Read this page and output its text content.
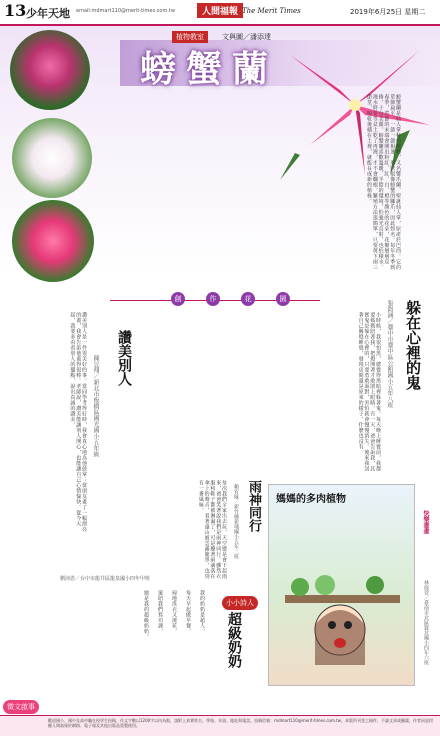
13 少年天地 email:mdmart110@merit-times.com.tw	人間福報 The Merit Times	2019年6月25日 星期二
植物教室	文與圖／潘添達
螃蟹蘭
螃蟹蘭是仙人掌科的植物，又名蟹爪蘭、聖誕仙人掌，原產於巴西。它的莖節扁平，一節一節相連，形狀很像螃蟹的腳爪，因此得名。每年冬季到春季，莖節的末端會開出粉紅、紅、白、橙等顏色的花朵，花瓣層層反捲，十分美麗。螃蟹蘭喜歡溫暖、半陰的環境，怕強光直射，也怕積水。澆水時要等盆土乾了再澆，才不會爛根。繁殖方法很簡單，只要剪下兩三節莖，晾乾後插在土裡，就能長成新的植株。
創	作	花	園
躲在心裡的鬼
張鈞涵／臺中市臺中區公館國小五年八班
小時候，我很怕黑，總覺得黑暗裡躲著鬼。每天晚上睡覺前，我都要媽媽陪著我，把燈開著才敢閉上眼睛。有一天，爸爸告訴我，其實鬼是躲在心裡的，只要勇敢面對，害怕就會慢慢消失。後來我試著自己關燈睡覺，發現房間還是原來的樣子，什麼也沒有。
讚美別人
陳昱翔／新北市板橋區國光國小五年級
讚美別人是一件很美好的事。當同學考得好時，我會真心地為他鼓掌；當朋友畫了一幅漂亮的畫，我會告訴他畫得很棒。老師說，讚美能讓別人開心，也能讓自己心情愉快。從今天起，我要多看看別人的優點，說出真誠的讚美。
雨神同行
賴宥璇／新竹縣新埔國小五年二班
每次我們全家出去玩，天空總是會下起雨來，爸爸笑著說我們是雨神同行。雖然衣服和鞋子都被淋濕了，可是聽著雨滴落在傘上的聲音，看著遠山被雲霧籠罩，也別有一番風味。	媽媽的多肉植物
快樂畫畫
林庭萱／臺南市北區賢北國小四年六班
劉沛恩／台中市龍井區龍泉國小四年甲班
小小詩人
超級奶奶
我的奶奶是超人，
每天早起做早餐，
掃地洗衣又澆花，
還陪我們寫功課，
她是我的超級奶奶。
徵文啟事
歡迎國小、國中及高中職在校學生投稿，作文字數以1200字以內為限，請附上真實姓名、學校、年級、地址與電話。投稿信箱：mdmart110@merit-times.com.tw。本版所刊登之稿件，不論文章或圖畫，作者同意授權人間福報於網路、電子報及其他出版品重製使用。
